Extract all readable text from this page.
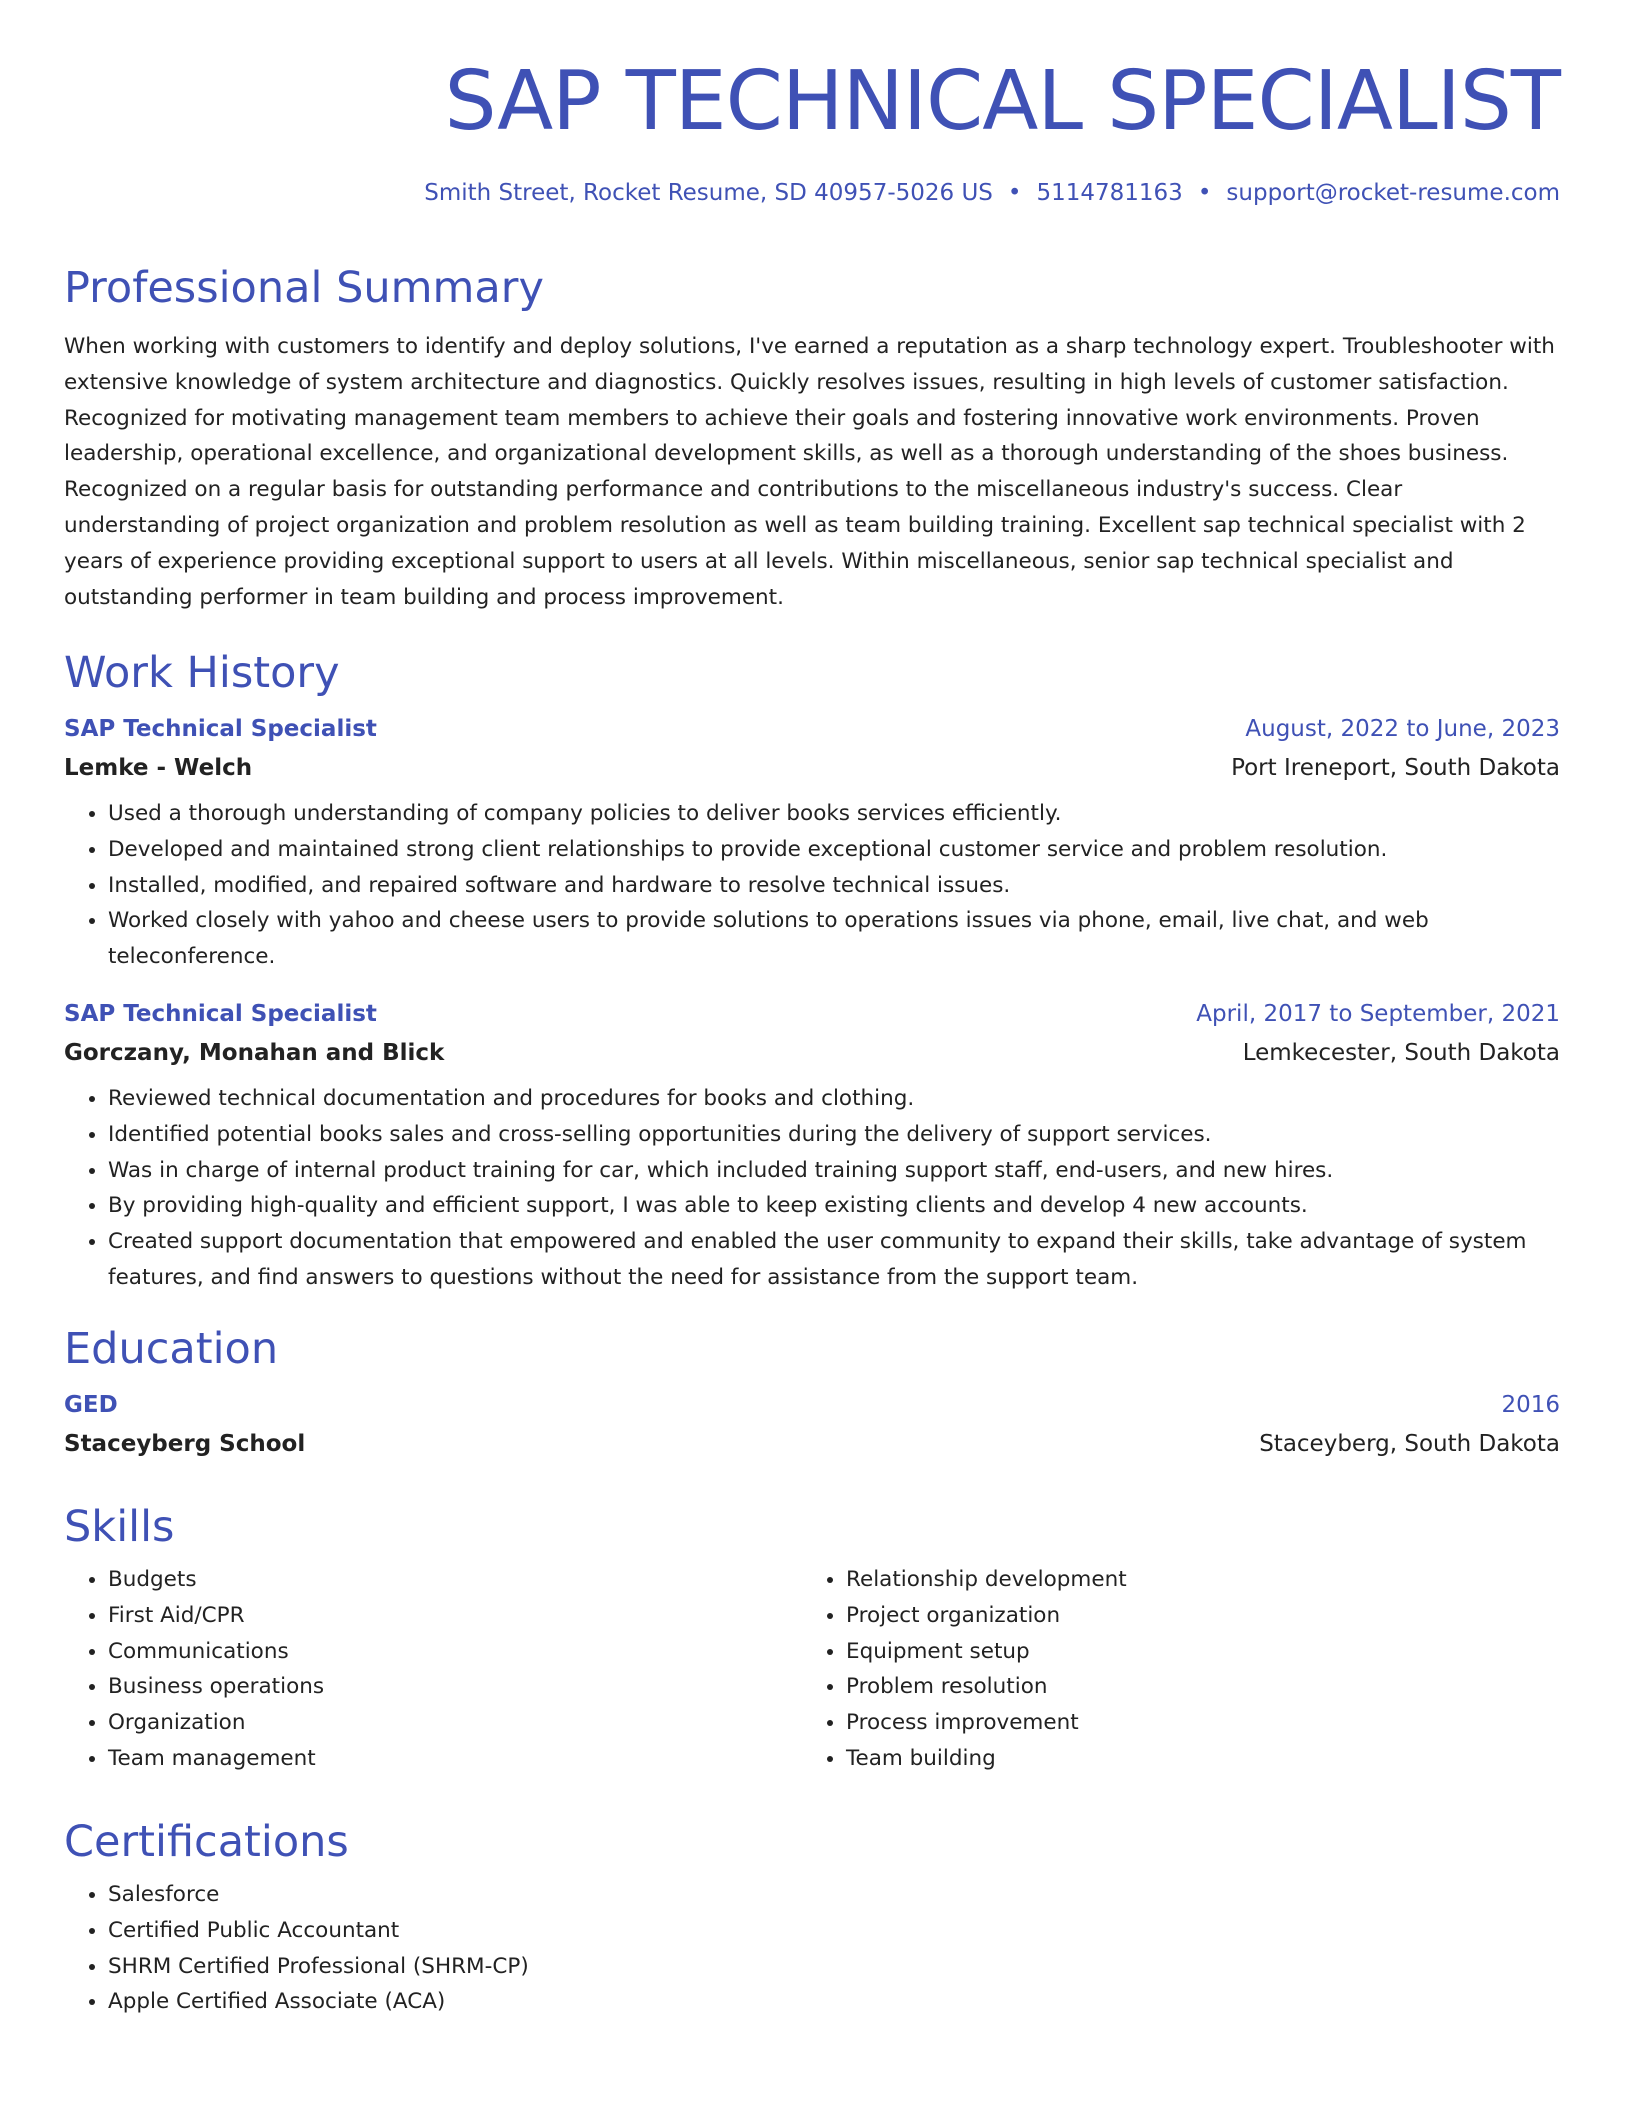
SAP TECHNICAL SPECIALIST
Smith Street, Rocket Resume, SD 40957-5026 US • 5114781163 • support@rocket-resume.com
Professional Summary

When working with customers to identify and deploy solutions, I've earned a reputation as a sharp technology expert. Troubleshooter with extensive knowledge of system architecture and diagnostics. Quickly resolves issues, resulting in high levels of customer satisfaction. Recognized for motivating management team members to achieve their goals and fostering innovative work environments. Proven leadership, operational excellence, and organizational development skills, as well as a thorough understanding of the shoes business. Recognized on a regular basis for outstanding performance and contributions to the miscellaneous industry's success. Clear understanding of project organization and problem resolution as well as team building training. Excellent sap technical specialist with 2 years of experience providing exceptional support to users at all levels. Within miscellaneous, senior sap technical specialist and outstanding performer in team building and process improvement.

Work History
SAP Technical Specialist	August, 2022 to June, 2023
Lemke - Welch	Port Ireneport, South Dakota
• Used a thorough understanding of company policies to deliver books services efficiently.
• Developed and maintained strong client relationships to provide exceptional customer service and problem resolution.
• Installed, modified, and repaired software and hardware to resolve technical issues.
• Worked closely with yahoo and cheese users to provide solutions to operations issues via phone, email, live chat, and web teleconference.
SAP Technical Specialist	April, 2017 to September, 2021
Gorczany, Monahan and Blick	Lemkecester, South Dakota
• Reviewed technical documentation and procedures for books and clothing.
• Identified potential books sales and cross-selling opportunities during the delivery of support services.
• Was in charge of internal product training for car, which included training support staff, end-users, and new hires.
• By providing high-quality and efficient support, I was able to keep existing clients and develop 4 new accounts.
• Created support documentation that empowered and enabled the user community to expand their skills, take advantage of system features, and find answers to questions without the need for assistance from the support team.
Education
GED	2016
Staceyberg School	Staceyberg, South Dakota
Skills
• Budgets
• First Aid/CPR
• Communications
• Business operations
• Organization
• Team management
• Relationship development
• Project organization
• Equipment setup
• Problem resolution
• Process improvement
• Team building
Certifications
• Salesforce
• Certified Public Accountant
• SHRM Certified Professional (SHRM-CP)
• Apple Certified Associate (ACA)
